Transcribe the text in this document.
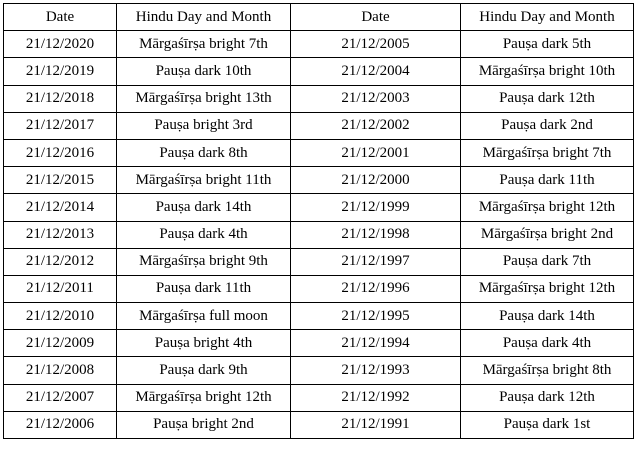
Date	Hindu Day and Month	Date	Hindu Day and Month
21/12/2020	Mārgaśīrṣa bright 7th	21/12/2005	Pauṣa dark 5th
21/12/2019	Pauṣa dark 10th	21/12/2004	Mārgaśīrṣa bright 10th
21/12/2018	Mārgaśīrṣa bright 13th	21/12/2003	Pauṣa dark 12th
21/12/2017	Pauṣa bright 3rd	21/12/2002	Pauṣa dark 2nd
21/12/2016	Pauṣa dark 8th	21/12/2001	Mārgaśīrṣa bright 7th
21/12/2015	Mārgaśīrṣa bright 11th	21/12/2000	Pauṣa dark 11th
21/12/2014	Pauṣa dark 14th	21/12/1999	Mārgaśīrṣa bright 12th
21/12/2013	Pauṣa dark 4th	21/12/1998	Mārgaśīrṣa bright 2nd
21/12/2012	Mārgaśīrṣa bright 9th	21/12/1997	Pauṣa dark 7th
21/12/2011	Pauṣa dark 11th	21/12/1996	Mārgaśīrṣa bright 12th
21/12/2010	Mārgaśīrṣa full moon	21/12/1995	Pauṣa dark 14th
21/12/2009	Pauṣa bright 4th	21/12/1994	Pauṣa dark 4th
21/12/2008	Pauṣa dark 9th	21/12/1993	Mārgaśīrṣa bright 8th
21/12/2007	Mārgaśīrṣa bright 12th	21/12/1992	Pauṣa dark 12th
21/12/2006	Pauṣa bright 2nd	21/12/1991	Pauṣa dark 1st
